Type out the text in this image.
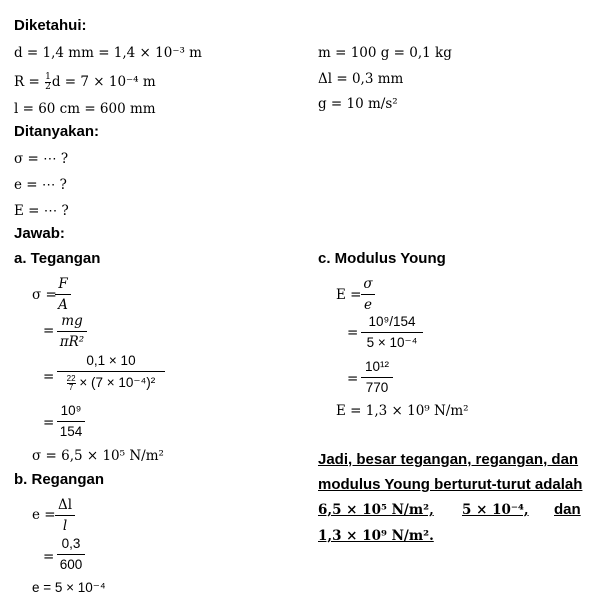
Diketahui:
d = 1,4 mm = 1,4 × 10⁻³ m
$R = \frac{1}{2}$ d = 7 × 10⁻⁴ m
l = 60 cm = 600 mm
m = 100 g = 0,1 kg
Δl = 0,3 mm
g = 10 m/s²
Ditanyakan:
σ = ⋯ ?
e = ⋯ ?
E = ⋯ ?
Jawab:
a. Tegangan
σ =
F
A
=
mg
πR²
=
0,1 × 10
$\frac{22}{7} \times (7 \times 10^{-4})^2$
=
10⁹
154
σ = 6,5 × 10⁵ N/m²
b. Regangan
e =
Δl
l
=
0,3
600
e = 5 × 10⁻⁴
c. Modulus Young
E =
σ
e
=
10⁹/154
5 × 10⁻⁴
=
10¹²
770
E = 1,3 × 10⁹ N/m²
Jadi, besar tegangan, regangan, dan
modulus Young berturut-turut adalah
6,5 × 10⁵ N/m², 5 × 10⁻⁴, dan
1,3 × 10⁹ N/m².
